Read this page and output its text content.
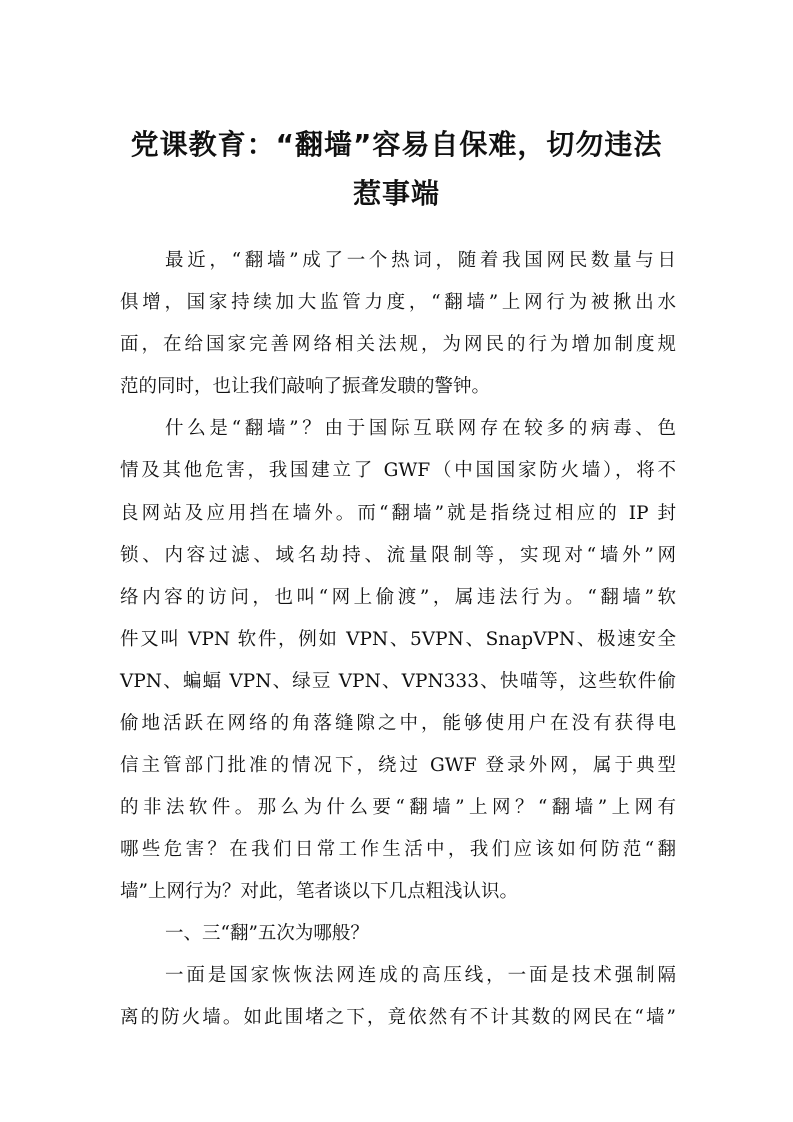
党课教育：“翻墙”容易自保难，切勿违法
惹事端

最近，“翻墙”成了一个热词，随着我国网民数量与日

俱增，国家持续加大监管力度，“翻墙”上网行为被揪出水

面，在给国家完善网络相关法规，为网民的行为增加制度规

范的同时，也让我们敲响了振聋发聩的警钟。

什么是“翻墙”？由于国际互联网存在较多的病毒、色

情及其他危害，我国建立了 GWF（中国国家防火墙），将不

良网站及应用挡在墙外。而“翻墙”就是指绕过相应的 IP 封

锁、内容过滤、域名劫持、流量限制等，实现对“墙外”网

络内容的访问，也叫“网上偷渡”，属违法行为。“翻墙”软

件又叫 VPN 软件，例如 VPN、5VPN、SnapVPN、极速安全

VPN、蝙蝠 VPN、绿豆 VPN、VPN333、快喵等，这些软件偷

偷地活跃在网络的角落缝隙之中，能够使用户在没有获得电

信主管部门批准的情况下，绕过 GWF 登录外网，属于典型

的非法软件。那么为什么要“翻墙”上网？“翻墙”上网有

哪些危害？在我们日常工作生活中，我们应该如何防范“翻

墙”上网行为？对此，笔者谈以下几点粗浅认识。

一、三“翻”五次为哪般？

一面是国家恢恢法网连成的高压线，一面是技术强制隔

离的防火墙。如此围堵之下，竟依然有不计其数的网民在“墙”
